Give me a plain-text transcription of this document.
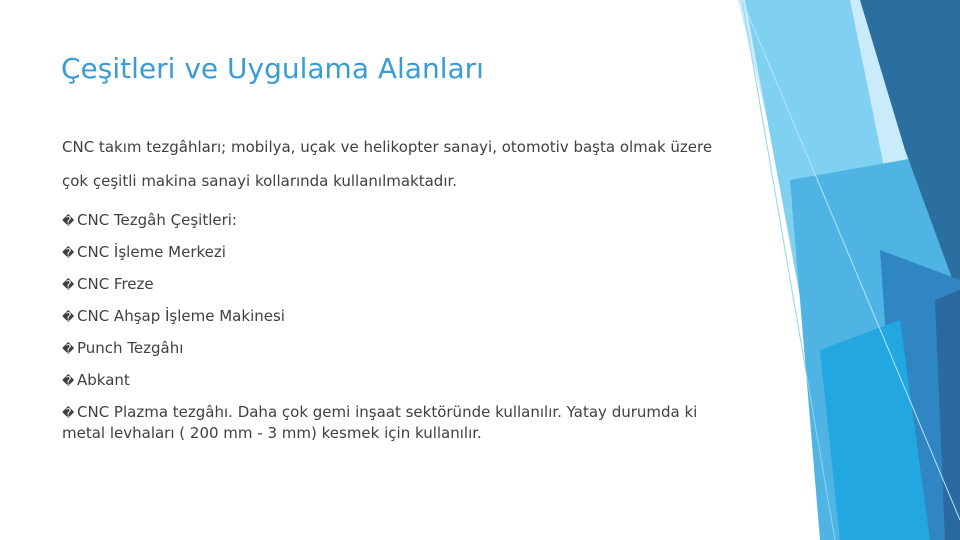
Çeşitleri ve Uygulama Alanları

CNC takım tezgâhları; mobilya, uçak ve helikopter sanayi, otomotiv başta olmak üzere çok çeşitli makina sanayi kollarında kullanılmaktadır.

� CNC Tezgâh Çeşitleri:

� CNC İşleme Merkezi

� CNC Freze

� CNC Ahşap İşleme Makinesi

� Punch Tezgâhı

� Abkant

� CNC Plazma tezgâhı. Daha çok gemi inşaat sektöründe kullanılır. Yatay durumda ki metal levhaları ( 200 mm - 3 mm) kesmek için kullanılır.
